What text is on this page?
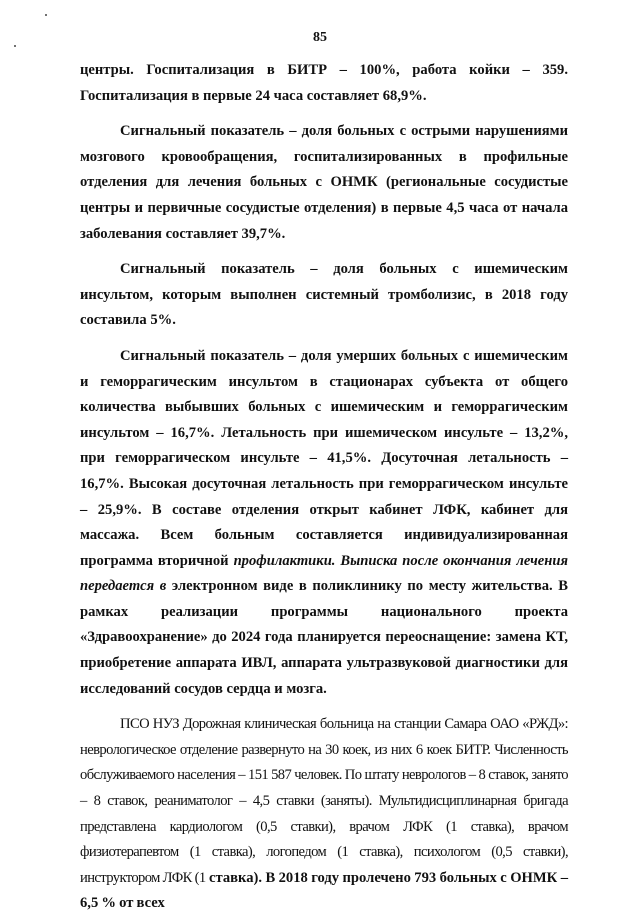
85

центры. Госпитализация в БИТР – 100%, работа койки – 359. Госпитализация в первые 24 часа составляет 68,9%.

Сигнальный показатель – доля больных с острыми нарушениями мозгового кровообращения, госпитализированных в профильные отделения для лечения больных с ОНМК (региональные сосудистые центры и первичные сосудистые отделения) в первые 4,5 часа от начала заболевания составляет 39,7%.

Сигнальный показатель – доля больных с ишемическим инсультом, которым выполнен системный тромболизис, в 2018 году составила 5%.

Сигнальный показатель – доля умерших больных с ишемическим и геморрагическим инсультом в стационарах субъекта от общего количества выбывших больных с ишемическим и геморрагическим инсультом – 16,7%. Летальность при ишемическом инсульте – 13,2%, при геморрагическом инсульте – 41,5%. Досуточная летальность – 16,7%. Высокая досуточная летальность при геморрагическом инсульте – 25,9%. В составе отделения открыт кабинет ЛФК, кабинет для массажа. Всем больным составляется индивидуализированная программа вторичной профилактики. Выписка после окончания лечения передается в электронном виде в поликлинику по месту жительства. В рамках реализации программы национального проекта «Здравоохранение» до 2024 года планируется переоснащение: замена КТ, приобретение аппарата ИВЛ, аппарата ультразвуковой диагностики для исследований сосудов сердца и мозга.

ПСО НУЗ Дорожная клиническая больница на станции Самара ОАО «РЖД»: неврологическое отделение развернуто на 30 коек, из них 6 коек БИТР. Численность обслуживаемого населения – 151 587 человек. По штату неврологов – 8 ставок, занято – 8 ставок, реаниматолог – 4,5 ставки (заняты). Мультидисциплинарная бригада представлена кардиологом (0,5 ставки), врачом ЛФК (1 ставка), врачом физиотерапевтом (1 ставка), логопедом (1 ставка), психологом (0,5 ставки), инструктором ЛФК (1 ставка). В 2018 году пролечено 793 больных с ОНМК – 6,5 % от всех
